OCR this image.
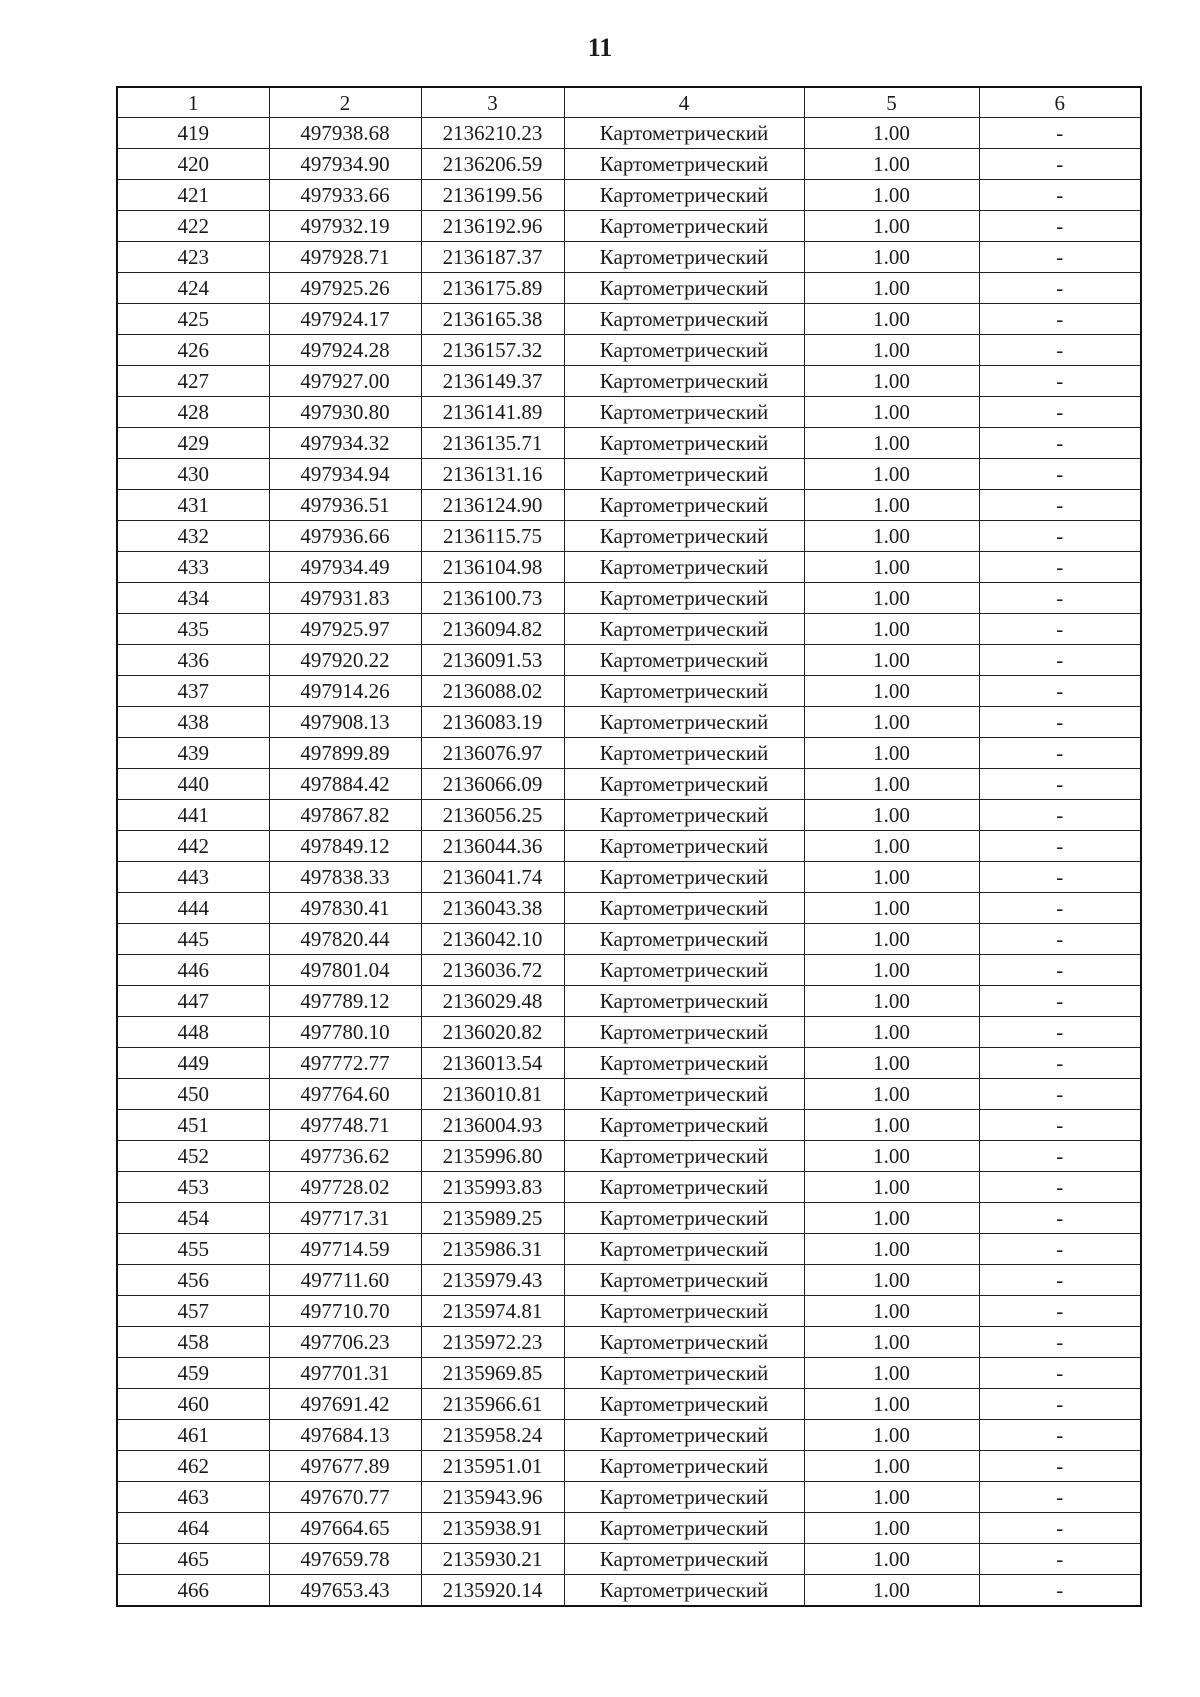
11
1	2	3	4	5	6
419	497938.68	2136210.23	Картометрический	1.00	-
420	497934.90	2136206.59	Картометрический	1.00	-
421	497933.66	2136199.56	Картометрический	1.00	-
422	497932.19	2136192.96	Картометрический	1.00	-
423	497928.71	2136187.37	Картометрический	1.00	-
424	497925.26	2136175.89	Картометрический	1.00	-
425	497924.17	2136165.38	Картометрический	1.00	-
426	497924.28	2136157.32	Картометрический	1.00	-
427	497927.00	2136149.37	Картометрический	1.00	-
428	497930.80	2136141.89	Картометрический	1.00	-
429	497934.32	2136135.71	Картометрический	1.00	-
430	497934.94	2136131.16	Картометрический	1.00	-
431	497936.51	2136124.90	Картометрический	1.00	-
432	497936.66	2136115.75	Картометрический	1.00	-
433	497934.49	2136104.98	Картометрический	1.00	-
434	497931.83	2136100.73	Картометрический	1.00	-
435	497925.97	2136094.82	Картометрический	1.00	-
436	497920.22	2136091.53	Картометрический	1.00	-
437	497914.26	2136088.02	Картометрический	1.00	-
438	497908.13	2136083.19	Картометрический	1.00	-
439	497899.89	2136076.97	Картометрический	1.00	-
440	497884.42	2136066.09	Картометрический	1.00	-
441	497867.82	2136056.25	Картометрический	1.00	-
442	497849.12	2136044.36	Картометрический	1.00	-
443	497838.33	2136041.74	Картометрический	1.00	-
444	497830.41	2136043.38	Картометрический	1.00	-
445	497820.44	2136042.10	Картометрический	1.00	-
446	497801.04	2136036.72	Картометрический	1.00	-
447	497789.12	2136029.48	Картометрический	1.00	-
448	497780.10	2136020.82	Картометрический	1.00	-
449	497772.77	2136013.54	Картометрический	1.00	-
450	497764.60	2136010.81	Картометрический	1.00	-
451	497748.71	2136004.93	Картометрический	1.00	-
452	497736.62	2135996.80	Картометрический	1.00	-
453	497728.02	2135993.83	Картометрический	1.00	-
454	497717.31	2135989.25	Картометрический	1.00	-
455	497714.59	2135986.31	Картометрический	1.00	-
456	497711.60	2135979.43	Картометрический	1.00	-
457	497710.70	2135974.81	Картометрический	1.00	-
458	497706.23	2135972.23	Картометрический	1.00	-
459	497701.31	2135969.85	Картометрический	1.00	-
460	497691.42	2135966.61	Картометрический	1.00	-
461	497684.13	2135958.24	Картометрический	1.00	-
462	497677.89	2135951.01	Картометрический	1.00	-
463	497670.77	2135943.96	Картометрический	1.00	-
464	497664.65	2135938.91	Картометрический	1.00	-
465	497659.78	2135930.21	Картометрический	1.00	-
466	497653.43	2135920.14	Картометрический	1.00	-
